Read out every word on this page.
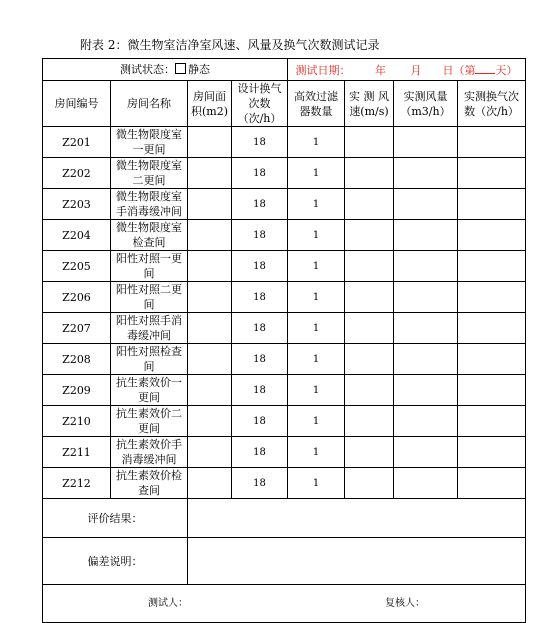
附表 2：微生物室洁净室风速、风量及换气次数测试记录
测试状态： 静态				测试日期： 年 月 日（第 天）			
房间编号	房间名称	房间面积(m2)	设计换气次数（次/h）	高效过滤器数量	实 测 风速(m/s)	实测风量（m3/h）	实测换气次数（次/h）
Z201	微生物限度室一更间		18	1			
Z202	微生物限度室二更间		18	1			
Z203	微生物限度室手消毒缓冲间		18	1			
Z204	微生物限度室检查间		18	1			
Z205	阳性对照一更间		18	1			
Z206	阳性对照二更间		18	1			
Z207	阳性对照手消毒缓冲间		18	1			
Z208	阳性对照检查间		18	1			
Z209	抗生素效价一更间		18	1			
Z210	抗生素效价二更间		18	1			
Z211	抗生素效价手消毒缓冲间		18	1			
Z212	抗生素效价检查间		18	1			
评价结果：							
偏差说明：							

测试人： 复核人：							
